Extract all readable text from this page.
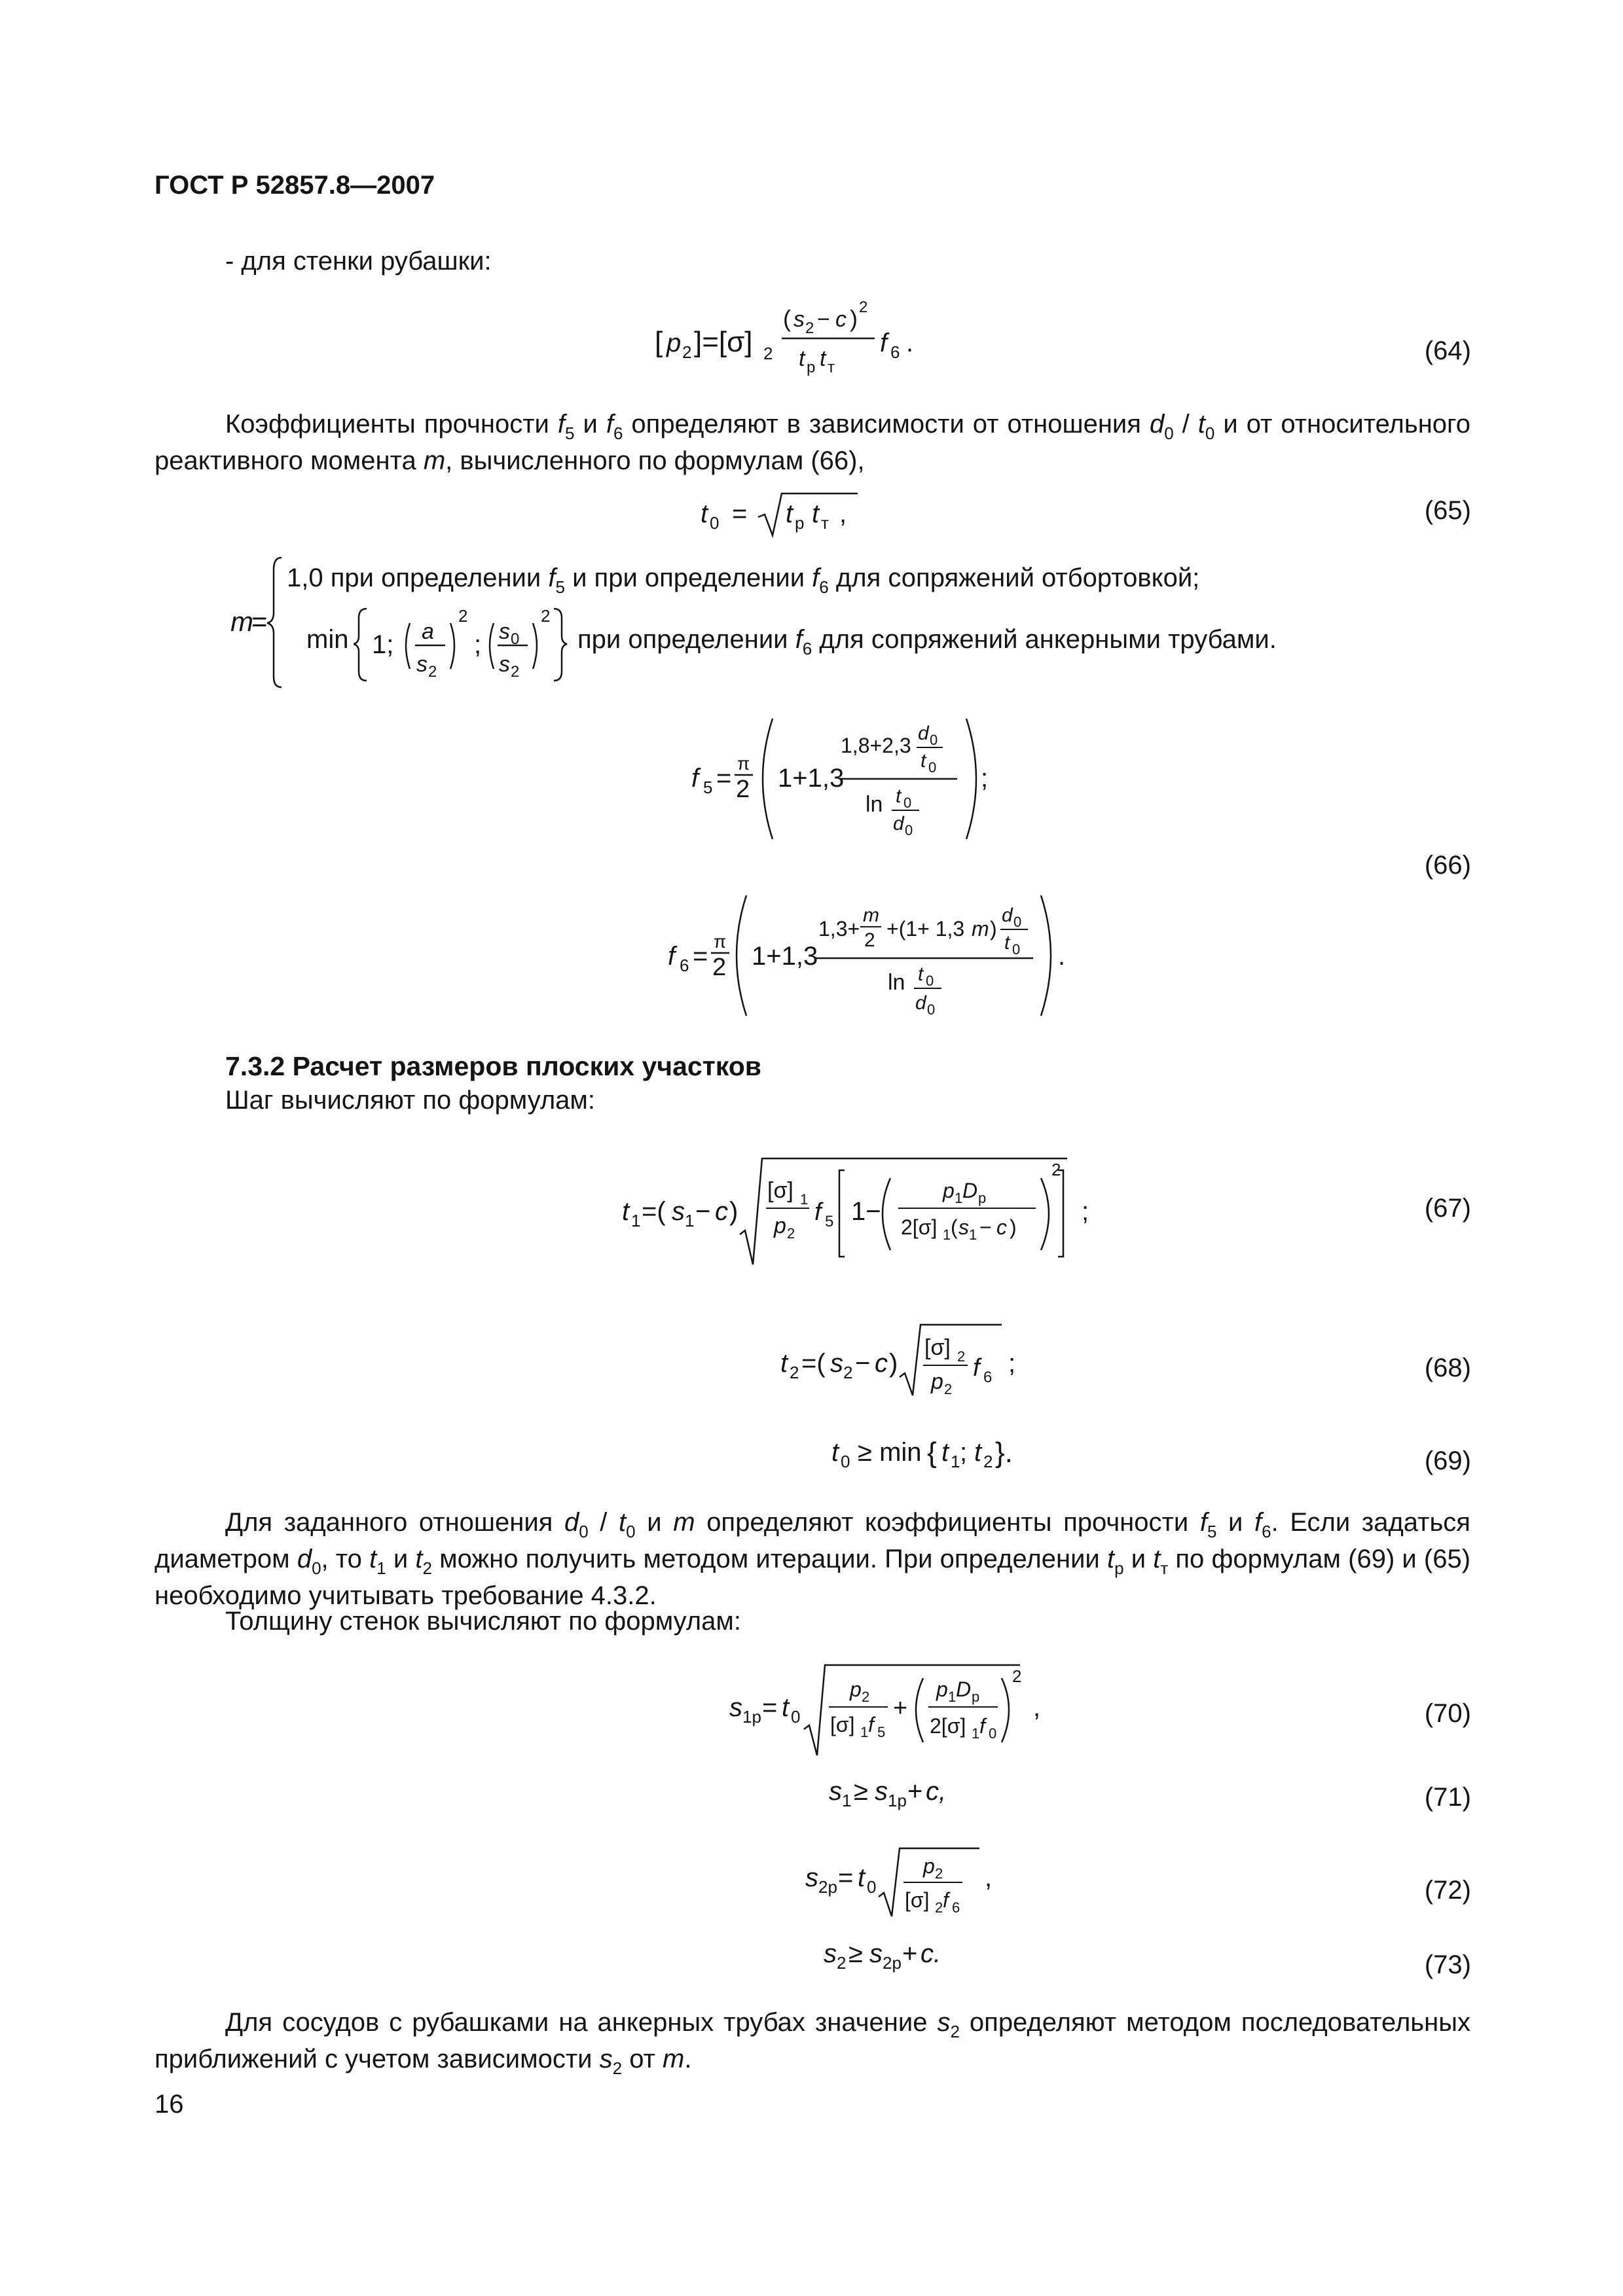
ГОСТ Р 52857.8—2007
- для стенки рубашки:
[ p 2 ]=[σ] 2
( s 2 − c ) 2
t р t т
f 6 .	(64)
Коэффициенты прочности $f_5$ и $f_6$ определяют в зависимости от отношения $d_0 / t_0$ и от относительного реактивного момента m, вычисленного по формулам (66),
t 0 = t р t т ,	(65)
m
=
1,0 при определении $f_5$ и при определении $f_6$ для сопряжений отбортовкой;
min 1; a
s 2
2
; s 0
s 2
2
при определении $f_6$ для сопряжений анкерными трубами.
f 5 =
π
2 1+1,3
1,8+2,3
d 0
t 0
ln t 0
d 0
;
(66)
f 6 =
π
2 1+1,3
1,3+
m
2 +(1+ 1,3 m )
d 0
t 0
ln t 0
d 0
.
7.3.2 Расчет размеров плоских участков
Шаг вычисляют по формулам:
t 1 =( s 1 − c )
[σ] 1
p 2
f 5 1−
p 1 D р
2[σ] 1 ( s 1 − c )
2
;	(67)
t 2 =( s 2 − c )
[σ] 2
p 2
f 6 ;	(68)
t 0 ≥ min { t 1 ; t 2 }.	(69)
Для заданного отношения $d_0 / t_0$ и m определяют коэффициенты прочности $f_5$ и $f_6$. Если задаться диаметром $d_0$, то $t_1$ и $t_2$ можно получить методом итерации. При определении $t_р$ и $t_т$ по формулам (69) и (65) необходимо учитывать требование 4.3.2.
Толщину стенок вычисляют по формулам:
s 1р = t 0
p 2
[σ] 1 f 5
+
p 1 D р
2[σ] 1 f 0
2
,	(70)
s 1 ≥ s 1р + c,	(71)
s 2р = t 0
p 2
[σ] 2 f 6
,	(72)
s 2 ≥ s 2р + c.	(73)
Для сосудов с рубашками на анкерных трубах значение $s_2$ определяют методом последовательных приближений с учетом зависимости $s_2$ от m.
16
